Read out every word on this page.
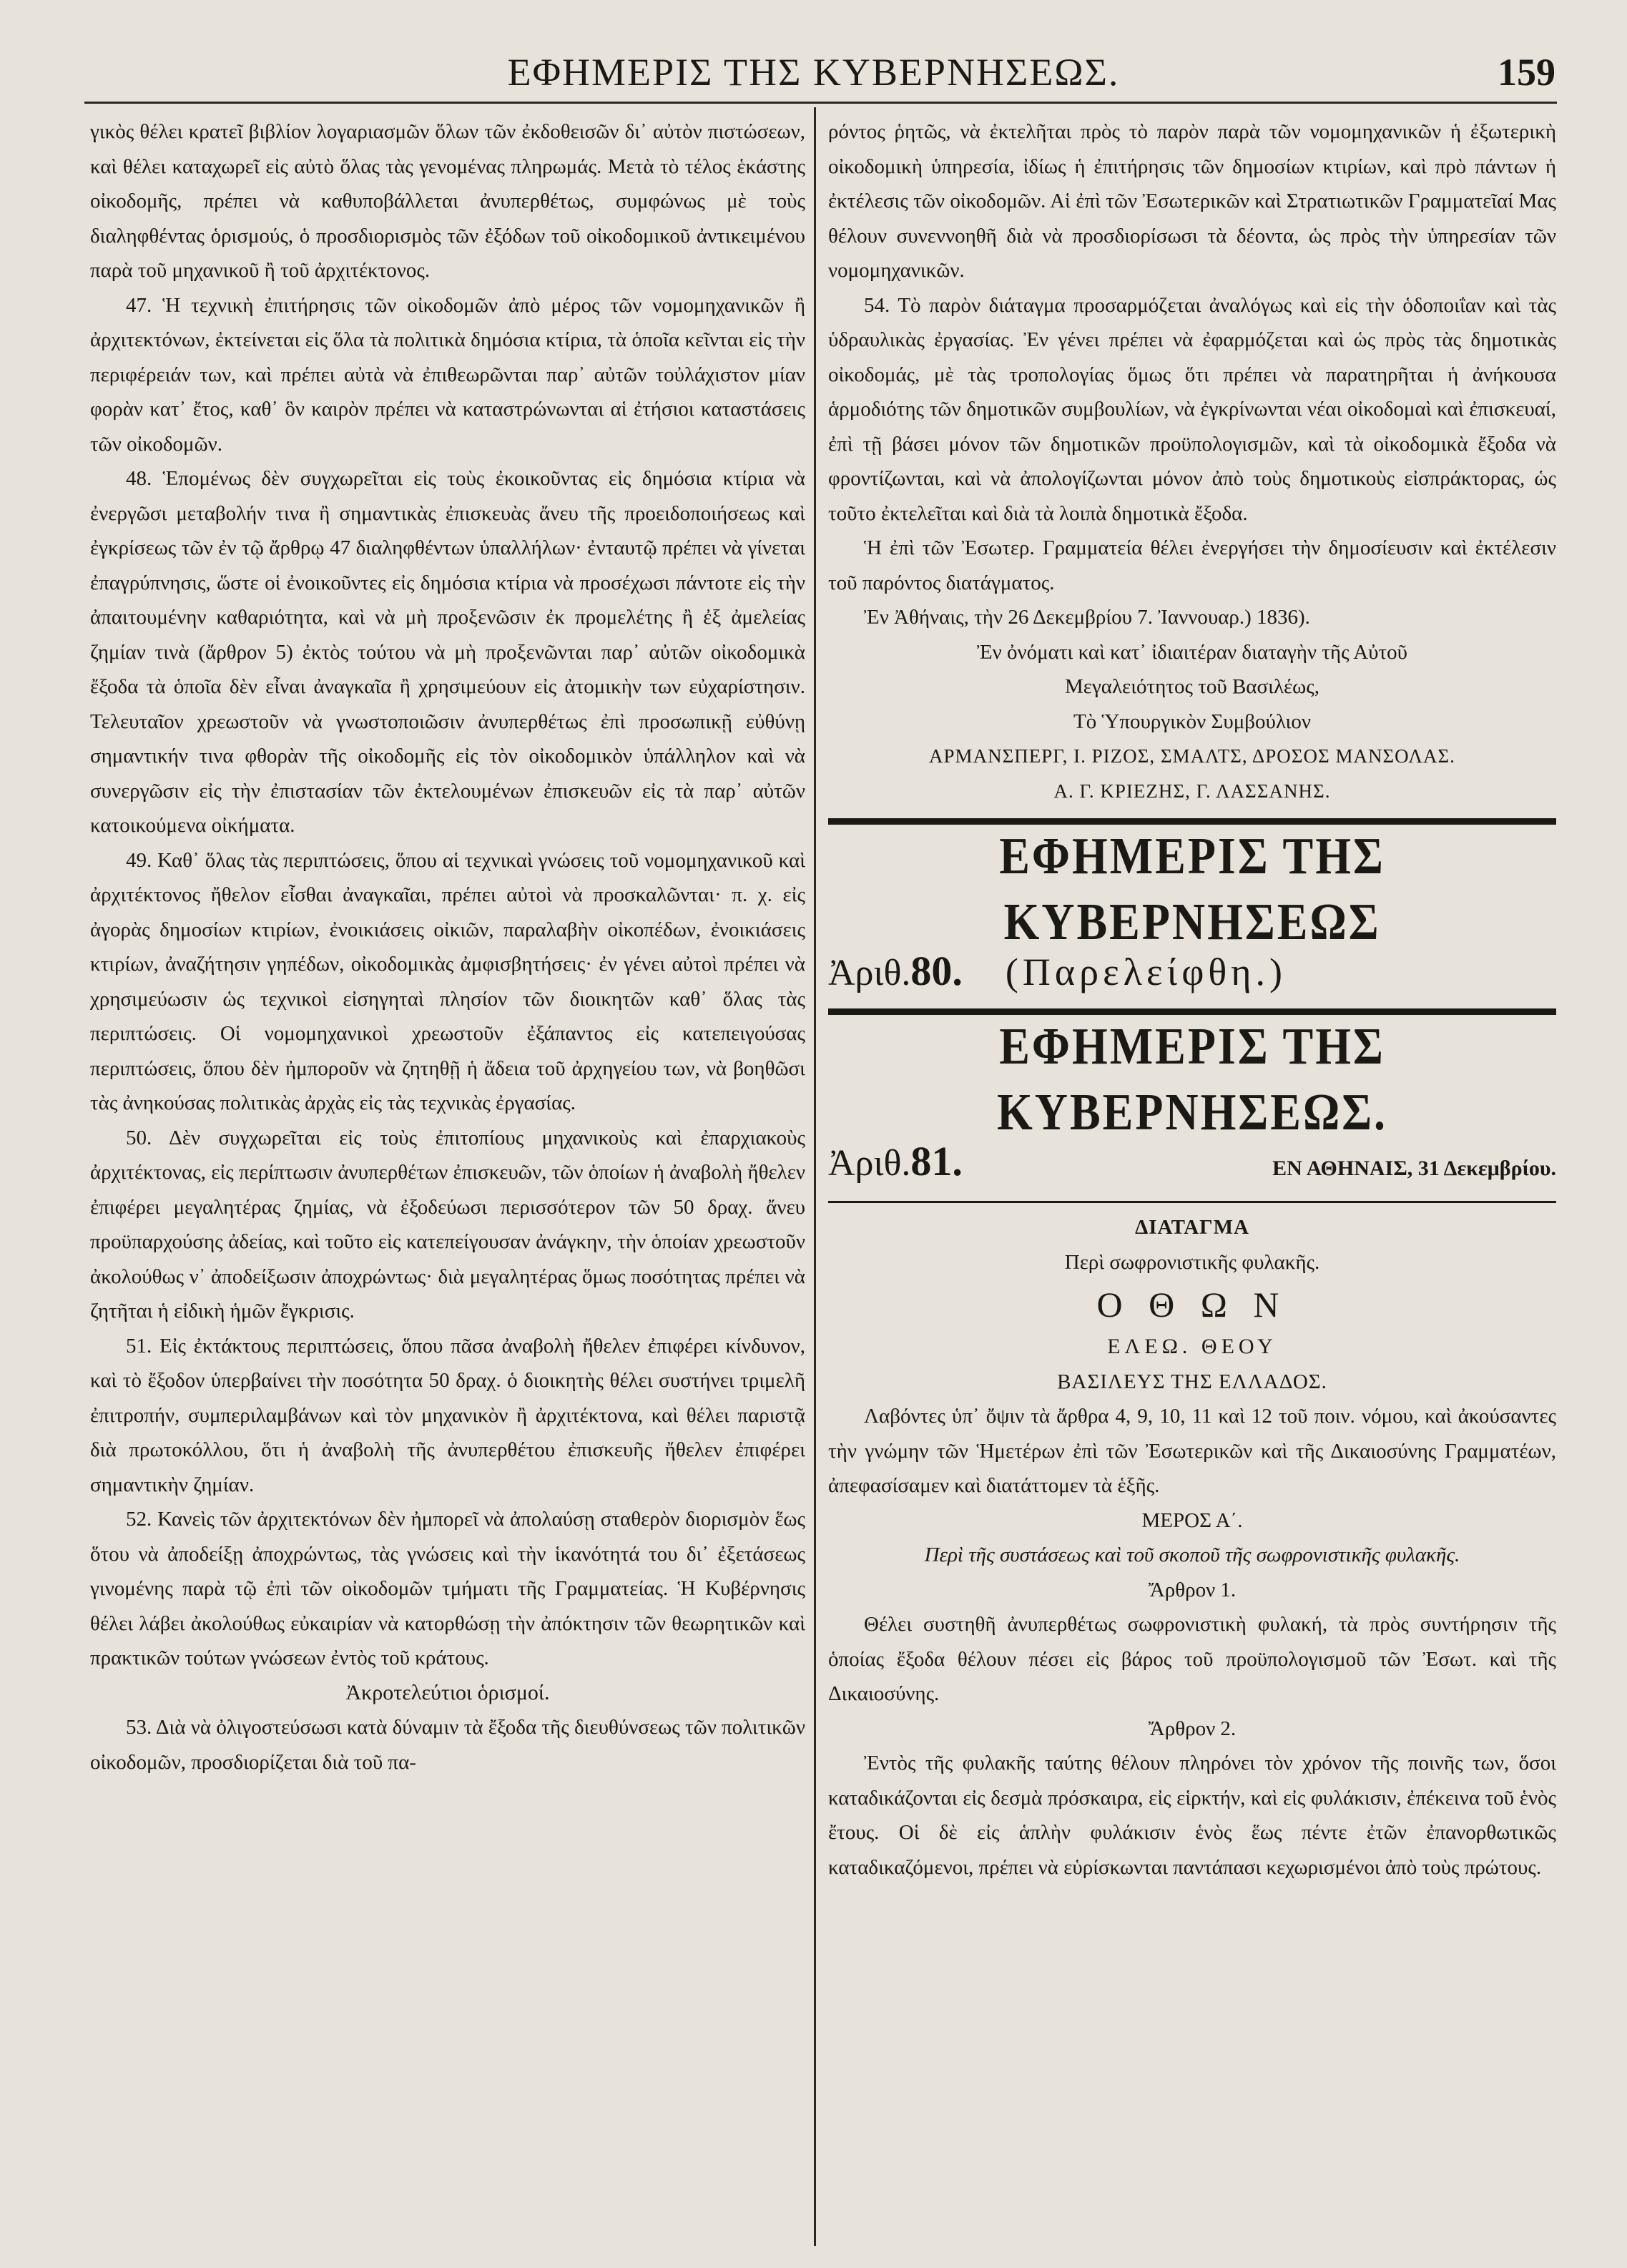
ΕΦΗΜΕΡΙΣ ΤΗΣ ΚΥΒΕΡΝΗΣΕΩΣ.	159

γικὸς θέλει κρατεῖ βιβλίον λογαριασμῶν ὅλων τῶν ἐκδοθεισῶν δι᾽ αὐτὸν πιστώσεων, καὶ θέλει καταχωρεῖ εἰς αὐτὸ ὅλας τὰς γενομένας πληρωμάς. Μετὰ τὸ τέλος ἑκάστης οἰκοδομῆς, πρέπει νὰ καθυποβάλλεται ἀνυπερθέτως, συμφώνως μὲ τοὺς διαληφθέντας ὁρισμούς, ὁ προσδιορισμὸς τῶν ἐξόδων τοῦ οἰκοδομικοῦ ἀντικειμένου παρὰ τοῦ μηχανικοῦ ἢ τοῦ ἀρχιτέκτονος.

47. Ἡ τεχνικὴ ἐπιτήρησις τῶν οἰκοδομῶν ἀπὸ μέρος τῶν νομομηχανικῶν ἢ ἀρχιτεκτόνων, ἐκτείνεται εἰς ὅλα τὰ πολιτικὰ δημόσια κτίρια, τὰ ὁποῖα κεῖνται εἰς τὴν περιφέρειάν των, καὶ πρέπει αὐτὰ νὰ ἐπιθεωρῶνται παρ᾽ αὐτῶν τοὐλάχιστον μίαν φορὰν κατ᾽ ἔτος, καθ᾽ ὃν καιρὸν πρέπει νὰ καταστρώνωνται αἱ ἐτήσιοι καταστάσεις τῶν οἰκοδομῶν.

48. Ἑπομένως δὲν συγχωρεῖται εἰς τοὺς ἐκοικοῦντας εἰς δημόσια κτίρια νὰ ἐνεργῶσι μεταβολήν τινα ἢ σημαντικὰς ἐπισκευὰς ἄνευ τῆς προειδοποιήσεως καὶ ἐγκρίσεως τῶν ἐν τῷ ἄρθρῳ 47 διαληφθέντων ὑπαλλήλων· ἐνταυτῷ πρέπει νὰ γίνεται ἐπαγρύπνησις, ὥστε οἱ ἐνοικοῦντες εἰς δημόσια κτίρια νὰ προσέχωσι πάντοτε εἰς τὴν ἀπαιτουμένην καθαριότητα, καὶ νὰ μὴ προξενῶσιν ἐκ προμελέτης ἢ ἐξ ἀμελείας ζημίαν τινὰ (ἄρθρον 5) ἐκτὸς τούτου νὰ μὴ προξενῶνται παρ᾽ αὐτῶν οἰκοδομικὰ ἔξοδα τὰ ὁποῖα δὲν εἶναι ἀναγκαῖα ἢ χρησιμεύουν εἰς ἀτομικὴν των εὐχαρίστησιν. Τελευταῖον χρεωστοῦν νὰ γνωστοποιῶσιν ἀνυπερθέτως ἐπὶ προσωπικῇ εὐθύνῃ σημαντικήν τινα φθορὰν τῆς οἰκοδομῆς εἰς τὸν οἰκοδομικὸν ὑπάλληλον καὶ νὰ συνεργῶσιν εἰς τὴν ἐπιστασίαν τῶν ἐκτελουμένων ἐπισκευῶν εἰς τὰ παρ᾽ αὐτῶν κατοικούμενα οἰκήματα.

49. Καθ᾽ ὅλας τὰς περιπτώσεις, ὅπου αἱ τεχνικαὶ γνώσεις τοῦ νομομηχανικοῦ καὶ ἀρχιτέκτονος ἤθελον εἶσθαι ἀναγκαῖαι, πρέπει αὐτοὶ νὰ προσκαλῶνται· π. χ. εἰς ἀγορὰς δημοσίων κτιρίων, ἐνοικιάσεις οἰκιῶν, παραλαβὴν οἰκοπέδων, ἐνοικιάσεις κτιρίων, ἀναζήτησιν γηπέδων, οἰκοδομικὰς ἀμφισβητήσεις· ἐν γένει αὐτοὶ πρέπει νὰ χρησιμεύωσιν ὡς τεχνικοὶ εἰσηγηταὶ πλησίον τῶν διοικητῶν καθ᾽ ὅλας τὰς περιπτώσεις. Οἱ νομομηχανικοὶ χρεωστοῦν ἐξάπαντος εἰς κατεπειγούσας περιπτώσεις, ὅπου δὲν ἠμποροῦν νὰ ζητηθῇ ἡ ἄδεια τοῦ ἀρχηγείου των, νὰ βοηθῶσι τὰς ἀνηκούσας πολιτικὰς ἀρχὰς εἰς τὰς τεχνικὰς ἐργασίας.

50. Δὲν συγχωρεῖται εἰς τοὺς ἐπιτοπίους μηχανικοὺς καὶ ἐπαρχιακοὺς ἀρχιτέκτονας, εἰς περίπτωσιν ἀνυπερθέτων ἐπισκευῶν, τῶν ὁποίων ἡ ἀναβολὴ ἤθελεν ἐπιφέρει μεγαλητέρας ζημίας, νὰ ἐξοδεύωσι περισσότερον τῶν 50 δραχ. ἄνευ προϋπαρχούσης ἀδείας, καὶ τοῦτο εἰς κατεπείγουσαν ἀνάγκην, τὴν ὁποίαν χρεωστοῦν ἀκολούθως ν᾽ ἀποδείξωσιν ἀποχρώντως· διὰ μεγαλητέρας ὅμως ποσότητας πρέπει νὰ ζητῆται ἡ εἰδικὴ ἡμῶν ἔγκρισις.

51. Εἰς ἐκτάκτους περιπτώσεις, ὅπου πᾶσα ἀναβολὴ ἤθελεν ἐπιφέρει κίνδυνον, καὶ τὸ ἔξοδον ὑπερβαίνει τὴν ποσότητα 50 δραχ. ὁ διοικητὴς θέλει συστήνει τριμελῆ ἐπιτροπήν, συμπεριλαμβάνων καὶ τὸν μηχανικὸν ἢ ἀρχιτέκτονα, καὶ θέλει παριστᾷ διὰ πρωτοκόλλου, ὅτι ἡ ἀναβολὴ τῆς ἀνυπερθέτου ἐπισκευῆς ἤθελεν ἐπιφέρει σημαντικὴν ζημίαν.

52. Κανεὶς τῶν ἀρχιτεκτόνων δὲν ἠμπορεῖ νὰ ἀπολαύσῃ σταθερὸν διορισμὸν ἕως ὅτου νὰ ἀποδείξῃ ἀποχρώντως, τὰς γνώσεις καὶ τὴν ἱκανότητά του δι᾽ ἐξετάσεως γινομένης παρὰ τῷ ἐπὶ τῶν οἰκοδομῶν τμήματι τῆς Γραμματείας. Ἡ Κυβέρνησις θέλει λάβει ἀκολούθως εὐκαιρίαν νὰ κατορθώσῃ τὴν ἀπόκτησιν τῶν θεωρητικῶν καὶ πρακτικῶν τούτων γνώσεων ἐντὸς τοῦ κράτους.

Ἀκροτελεύτιοι ὁρισμοί.

53. Διὰ νὰ ὀλιγοστεύσωσι κατὰ δύναμιν τὰ ἔξοδα τῆς διευθύνσεως τῶν πολιτικῶν οἰκοδομῶν, προσδιορίζεται διὰ τοῦ πα-

ρόντος ῥητῶς, νὰ ἐκτελῆται πρὸς τὸ παρὸν παρὰ τῶν νομομηχανικῶν ἡ ἐξωτερικὴ οἰκοδομικὴ ὑπηρεσία, ἰδίως ἡ ἐπιτήρησις τῶν δημοσίων κτιρίων, καὶ πρὸ πάντων ἡ ἐκτέλεσις τῶν οἰκοδομῶν. Αἱ ἐπὶ τῶν Ἐσωτερικῶν καὶ Στρατιωτικῶν Γραμματεῖαί Μας θέλουν συνεννοηθῆ διὰ νὰ προσδιορίσωσι τὰ δέοντα, ὡς πρὸς τὴν ὑπηρεσίαν τῶν νομομηχανικῶν.

54. Τὸ παρὸν διάταγμα προσαρμόζεται ἀναλόγως καὶ εἰς τὴν ὁδοποιΐαν καὶ τὰς ὑδραυλικὰς ἐργασίας. Ἐν γένει πρέπει νὰ ἐφαρμόζεται καὶ ὡς πρὸς τὰς δημοτικὰς οἰκοδομάς, μὲ τὰς τροπολογίας ὅμως ὅτι πρέπει νὰ παρατηρῆται ἡ ἀνήκουσα ἁρμοδιότης τῶν δημοτικῶν συμβουλίων, νὰ ἐγκρίνωνται νέαι οἰκοδομαὶ καὶ ἐπισκευαί, ἐπὶ τῇ βάσει μόνον τῶν δημοτικῶν προϋπολογισμῶν, καὶ τὰ οἰκοδομικὰ ἔξοδα νὰ φροντίζωνται, καὶ νὰ ἀπολογίζωνται μόνον ἀπὸ τοὺς δημοτικοὺς εἰσπράκτορας, ὡς τοῦτο ἐκτελεῖται καὶ διὰ τὰ λοιπὰ δημοτικὰ ἔξοδα.

Ἡ ἐπὶ τῶν Ἐσωτερ. Γραμματεία θέλει ἐνεργήσει τὴν δημοσίευσιν καὶ ἐκτέλεσιν τοῦ παρόντος διατάγματος.

Ἐν Ἀθήναις, τὴν 26 Δεκεμβρίου 7. Ἰαννουαρ.) 1836).

Ἐν ὀνόματι καὶ κατ᾽ ἰδιαιτέραν διαταγὴν τῆς Αὐτοῦ

Μεγαλειότητος τοῦ Βασιλέως,

Τὸ Ὑπουργικὸν Συμβούλιον

ΑΡΜΑΝΣΠΕΡΓ, Ι. ΡΙΖΟΣ, ΣΜΑΛΤΣ, ΔΡΟΣΟΣ ΜΑΝΣΟΛΑΣ.

Α. Γ. ΚΡΙΕΖΗΣ, Γ. ΛΑΣΣΑΝΗΣ.

ΕΦΗΜΕΡΙΣ ΤΗΣ ΚΥΒΕΡΝΗΣΕΩΣ
Ἀριθ. 80. (Παρελείφθη.)
ΕΦΗΜΕΡΙΣ ΤΗΣ ΚΥΒΕΡΝΗΣΕΩΣ.
Ἀριθ. 81.	ΕΝ ΑΘΗΝΑΙΣ, 31 Δεκεμβρίου.

ΔΙΑΤΑΓΜΑ

Περὶ σωφρονιστικῆς φυλακῆς.

Ο Θ Ω Ν

ΕΛΕΩ. ΘΕΟΥ

ΒΑΣΙΛΕΥΣ ΤΗΣ ΕΛΛΑΔΟΣ.

Λαβόντες ὑπ᾽ ὄψιν τὰ ἄρθρα 4, 9, 10, 11 καὶ 12 τοῦ ποιν. νόμου, καὶ ἀκούσαντες τὴν γνώμην τῶν Ἡμετέρων ἐπὶ τῶν Ἐσωτερικῶν καὶ τῆς Δικαιοσύνης Γραμματέων, ἀπεφασίσαμεν καὶ διατάττομεν τὰ ἑξῆς.

ΜΕΡΟΣ Α΄.

Περὶ τῆς συστάσεως καὶ τοῦ σκοποῦ τῆς σωφρονιστικῆς φυλακῆς.

Ἄρθρον 1.

Θέλει συστηθῆ ἀνυπερθέτως σωφρονιστικὴ φυλακή, τὰ πρὸς συντήρησιν τῆς ὁποίας ἔξοδα θέλουν πέσει εἰς βάρος τοῦ προϋπολογισμοῦ τῶν Ἐσωτ. καὶ τῆς Δικαιοσύνης.

Ἄρθρον 2.

Ἐντὸς τῆς φυλακῆς ταύτης θέλουν πληρόνει τὸν χρόνον τῆς ποινῆς των, ὅσοι καταδικάζονται εἰς δεσμὰ πρόσκαιρα, εἰς εἱρκτήν, καὶ εἰς φυλάκισιν, ἐπέκεινα τοῦ ἑνὸς ἔτους. Οἱ δὲ εἰς ἁπλὴν φυλάκισιν ἑνὸς ἕως πέντε ἐτῶν ἐπανορθωτικῶς καταδικαζόμενοι, πρέπει νὰ εὑρίσκωνται παντάπασι κεχωρισμένοι ἀπὸ τοὺς πρώτους.
